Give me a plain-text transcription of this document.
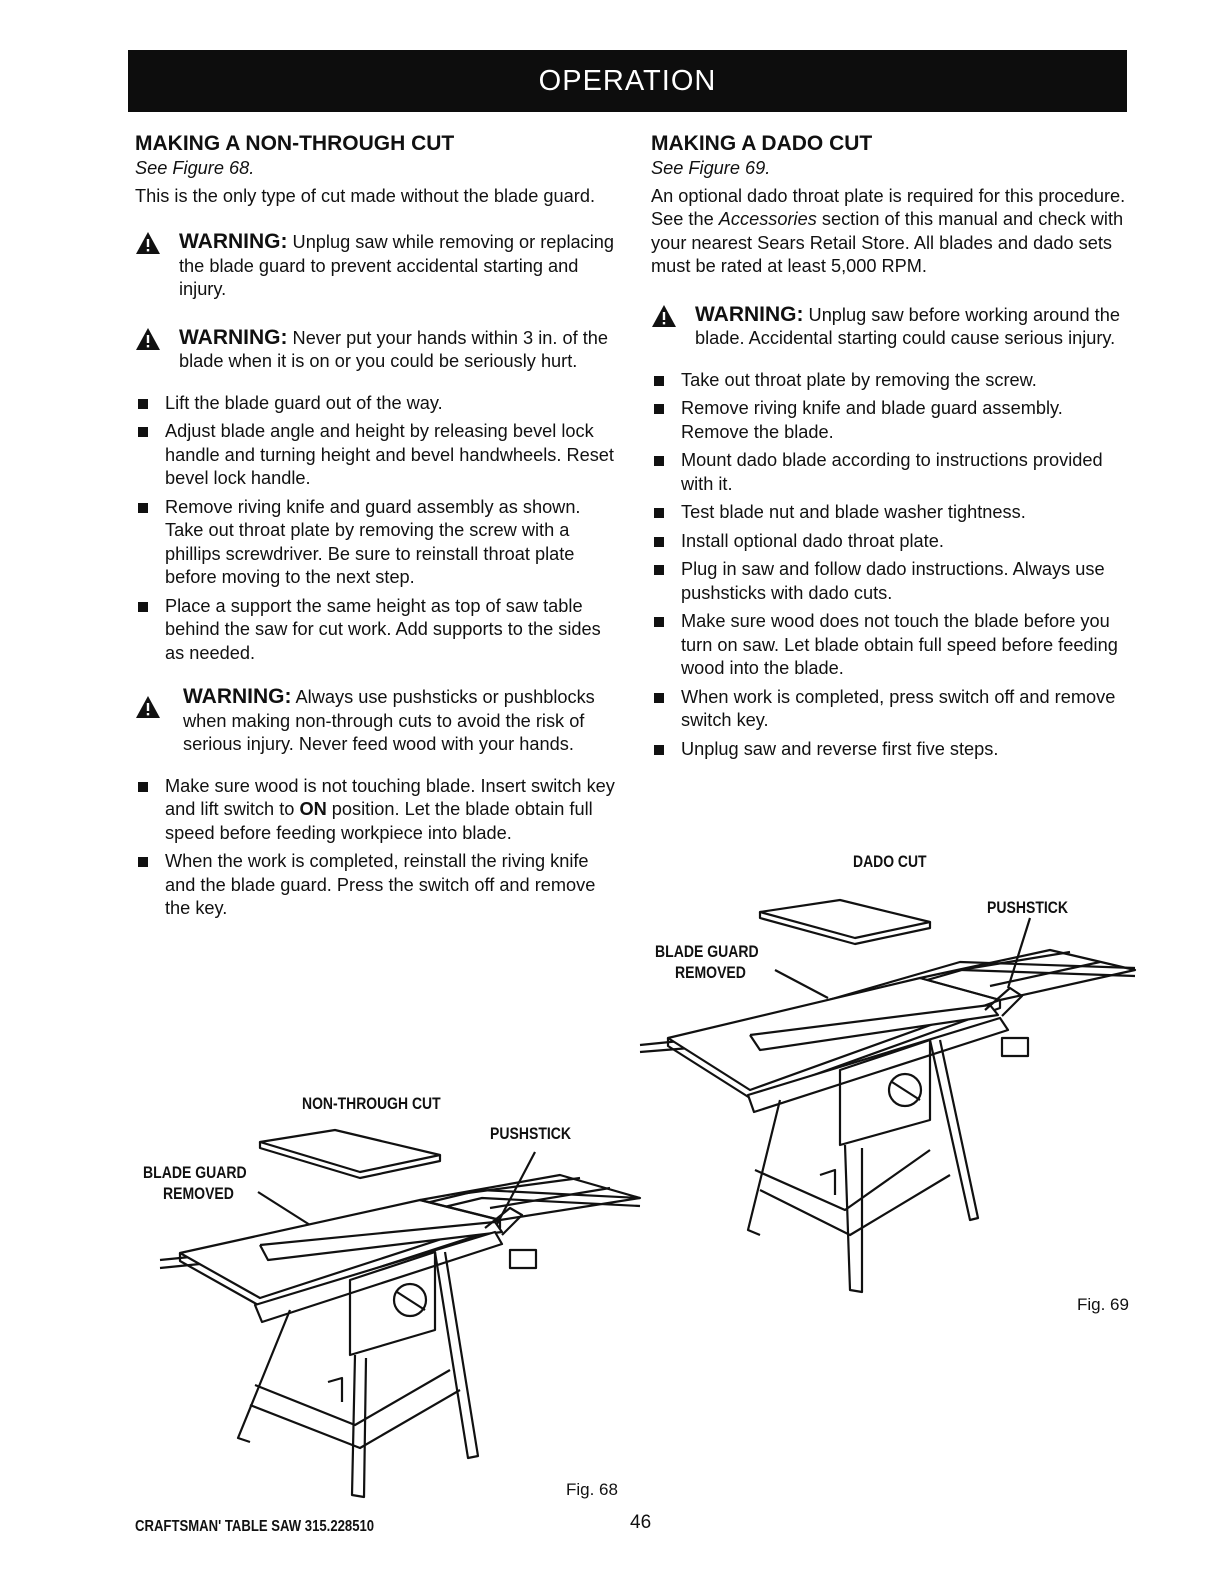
OPERATION
MAKING A NON-THROUGH CUT

See Figure 68.

This is the only type of cut made without the blade guard.

WARNING: Unplug saw while removing or replacing the blade guard to prevent accidental starting and injury.
WARNING: Never put your hands within 3 in. of the blade when it is on or you could be seriously hurt.
Lift the blade guard out of the way.
Adjust blade angle and height by releasing bevel lock handle and turning height and bevel handwheels. Reset bevel lock handle.
Remove riving knife and guard assembly as shown. Take out throat plate by removing the screw with a phillips screwdriver. Be sure to reinstall throat plate before moving to the next step.
Place a support the same height as top of saw table behind the saw for cut work. Add supports to the sides as needed.
WARNING: Always use pushsticks or pushblocks when making non-through cuts to avoid the risk of serious injury. Never feed wood with your hands.
Make sure wood is not touching blade. Insert switch key and lift switch to ON position. Let the blade obtain full speed before feeding workpiece into blade.
When the work is completed, reinstall the riving knife and the blade guard. Press the switch off and remove the key.
MAKING A DADO CUT

See Figure 69.

An optional dado throat plate is required for this procedure. See the Accessories section of this manual and check with your nearest Sears Retail Store. All blades and dado sets must be rated at least 5,000 RPM.

WARNING: Unplug saw before working around the blade. Accidental starting could cause serious injury.
Take out throat plate by removing the screw.
Remove riving knife and blade guard assembly. Remove the blade.
Mount dado blade according to instructions provided with it.
Test blade nut and blade washer tightness.
Install optional dado throat plate.
Plug in saw and follow dado instructions. Always use pushsticks with dado cuts.
Make sure wood does not touch the blade before you turn on saw. Let blade obtain full speed before feeding wood into the blade.
When work is completed, press switch off and remove switch key.
Unplug saw and reverse first five steps.
DADO CUT
PUSHSTICK
BLADE GUARD
REMOVED
Fig. 69
NON-THROUGH CUT
PUSHSTICK
BLADE GUARD
REMOVED
Fig. 68
CRAFTSMAN' TABLE SAW 315.228510	46
